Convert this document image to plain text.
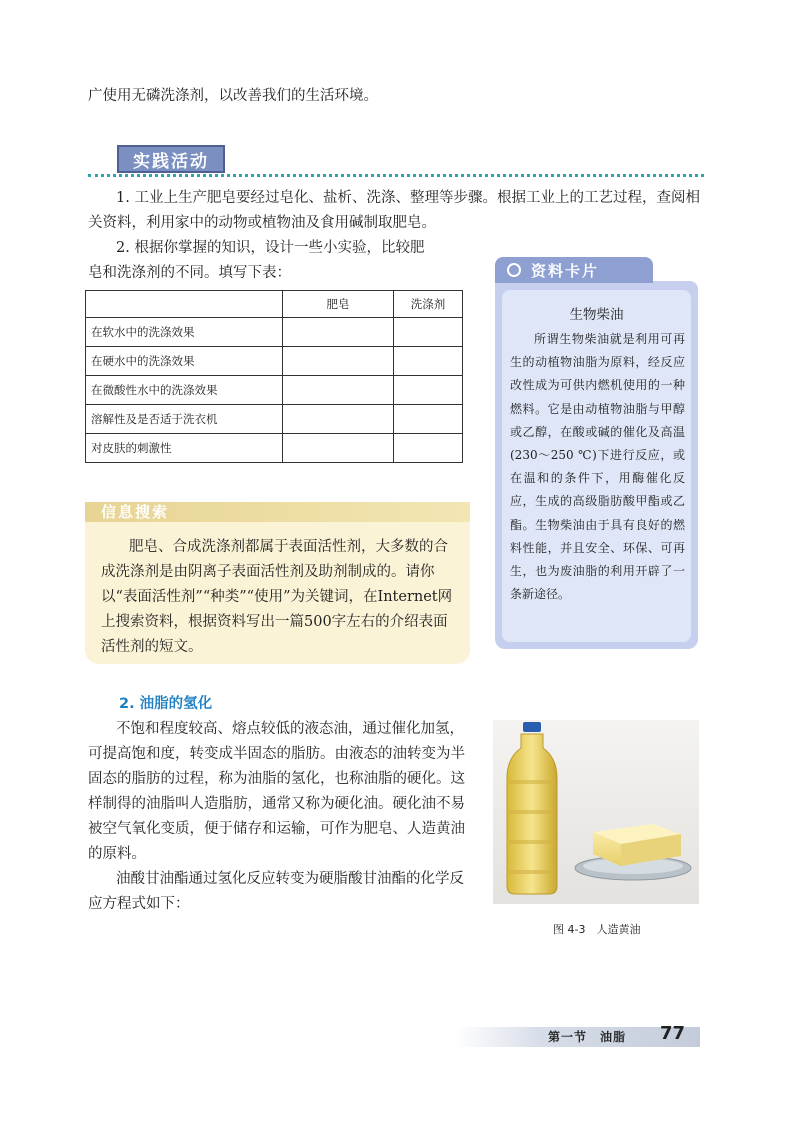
广使用无磷洗涤剂，以改善我们的生活环境。
实践活动
1. 工业上生产肥皂要经过皂化、盐析、洗涤、整理等步骤。根据工业上的工艺过程，查阅相关资料，利用家中的动物或植物油及食用碱制取肥皂。
2. 根据你掌握的知识，设计一些小实验，比较肥
皂和洗涤剂的不同。填写下表：
	肥皂	洗涤剂
在软水中的洗涤效果		
在硬水中的洗涤效果		
在微酸性水中的洗涤效果		
溶解性及是否适于洗衣机		
对皮肤的刺激性		
信息搜索
肥皂、合成洗涤剂都属于表面活性剂，大多数的合成洗涤剂是由阴离子表面活性剂及助剂制成的。请你以“表面活性剂”“种类”“使用”为关键词，在Internet网上搜索资料，根据资料写出一篇500字左右的介绍表面活性剂的短文。
资料卡片
生物柴油
所谓生物柴油就是利用可再生的动植物油脂为原料，经反应改性成为可供内燃机使用的一种燃料。它是由动植物油脂与甲醇或乙醇，在酸或碱的催化及高温(230～250 ℃)下进行反应，或在温和的条件下，用酶催化反应，生成的高级脂肪酸甲酯或乙酯。生物柴油由于具有良好的燃料性能，并且安全、环保、可再生，也为废油脂的利用开辟了一条新途径。
2. 油脂的氢化
不饱和程度较高、熔点较低的液态油，通过催化加氢，可提高饱和度，转变成半固态的脂肪。由液态的油转变为半固态的脂肪的过程，称为油脂的氢化，也称油脂的硬化。这样制得的油脂叫人造脂肪，通常又称为硬化油。硬化油不易被空气氧化变质，便于储存和运输，可作为肥皂、人造黄油的原料。
油酸甘油酯通过氢化反应转变为硬脂酸甘油酯的化学反应方程式如下：
图 4-3　人造黄油
第一节　油脂 77
